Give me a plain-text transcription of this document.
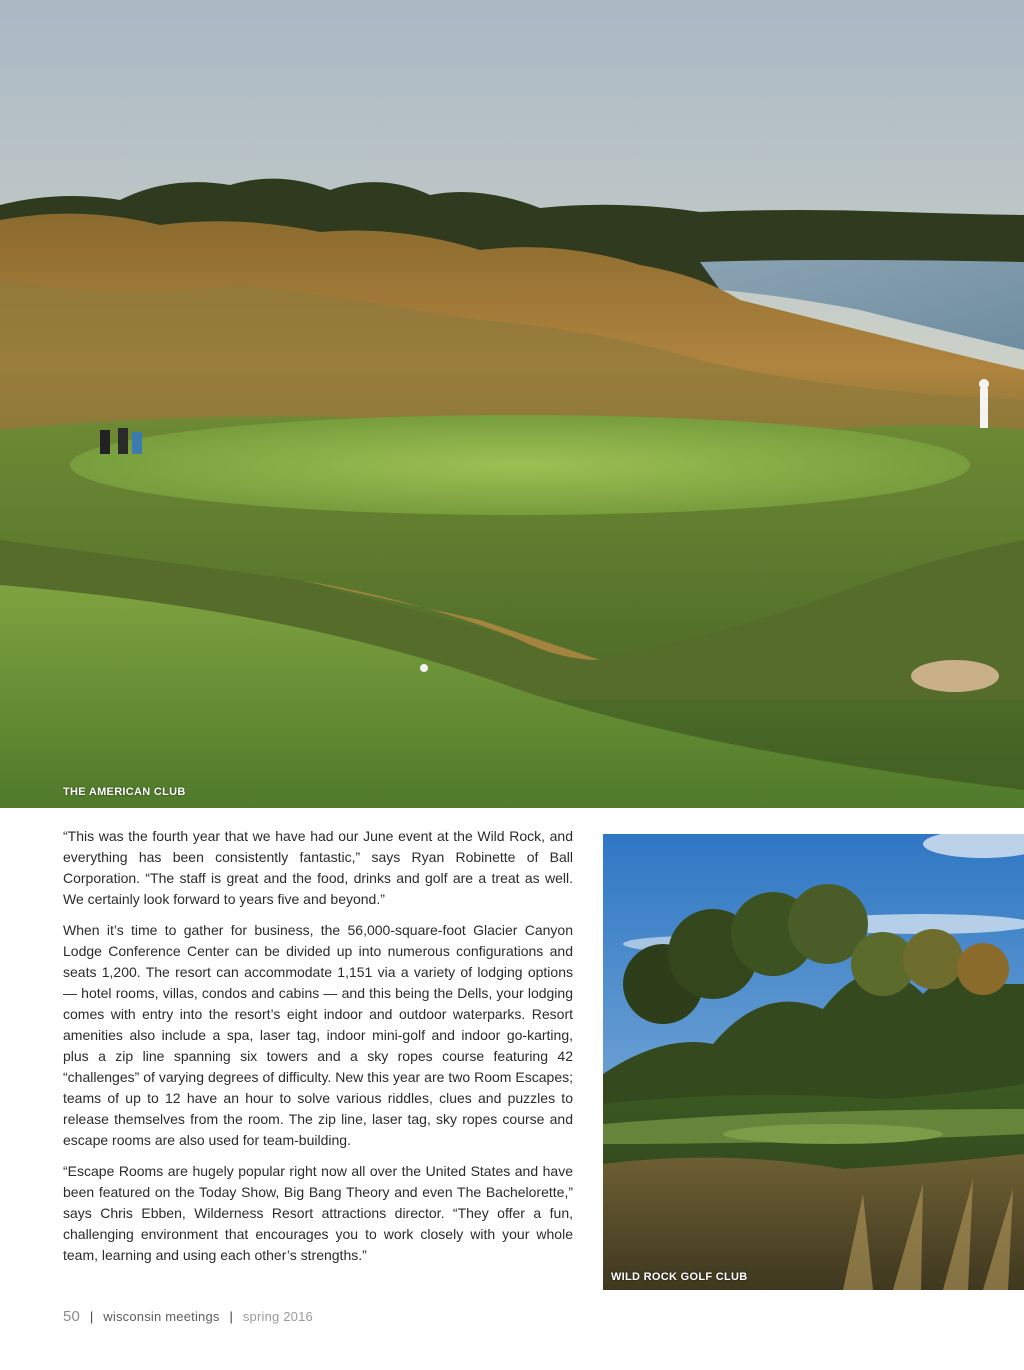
THE AMERICAN CLUB

“This was the fourth year that we have had our June event at the Wild Rock, and everything has been consistently fantastic,” says Ryan Robinette of Ball Corporation. “The staff is great and the food, drinks and golf are a treat as well. We certainly look forward to years five and beyond.”

When it’s time to gather for business, the 56,000-square-foot Glacier Canyon Lodge Conference Center can be divided up into numerous configurations and seats 1,200. The resort can accommodate 1,151 via a variety of lodging options — hotel rooms, villas, condos and cabins — and this being the Dells, your lodging comes with entry into the resort’s eight indoor and outdoor waterparks. Resort amenities also include a spa, laser tag, indoor mini-golf and indoor go-karting, plus a zip line spanning six towers and a sky ropes course featuring 42 “challenges” of varying degrees of difficulty. New this year are two Room Escapes; teams of up to 12 have an hour to solve various riddles, clues and puzzles to release themselves from the room. The zip line, laser tag, sky ropes course and escape rooms are also used for team-building.

“Escape Rooms are hugely popular right now all over the United States and have been featured on the Today Show, Big Bang Theory and even The Bachelorette,” says Chris Ebben, Wilderness Resort attractions director. “They offer a fun, challenging environment that encourages you to work closely with your whole team, learning and using each other’s strengths.”

WILD ROCK GOLF CLUB
50 | wisconsin meetings | spring 2016
